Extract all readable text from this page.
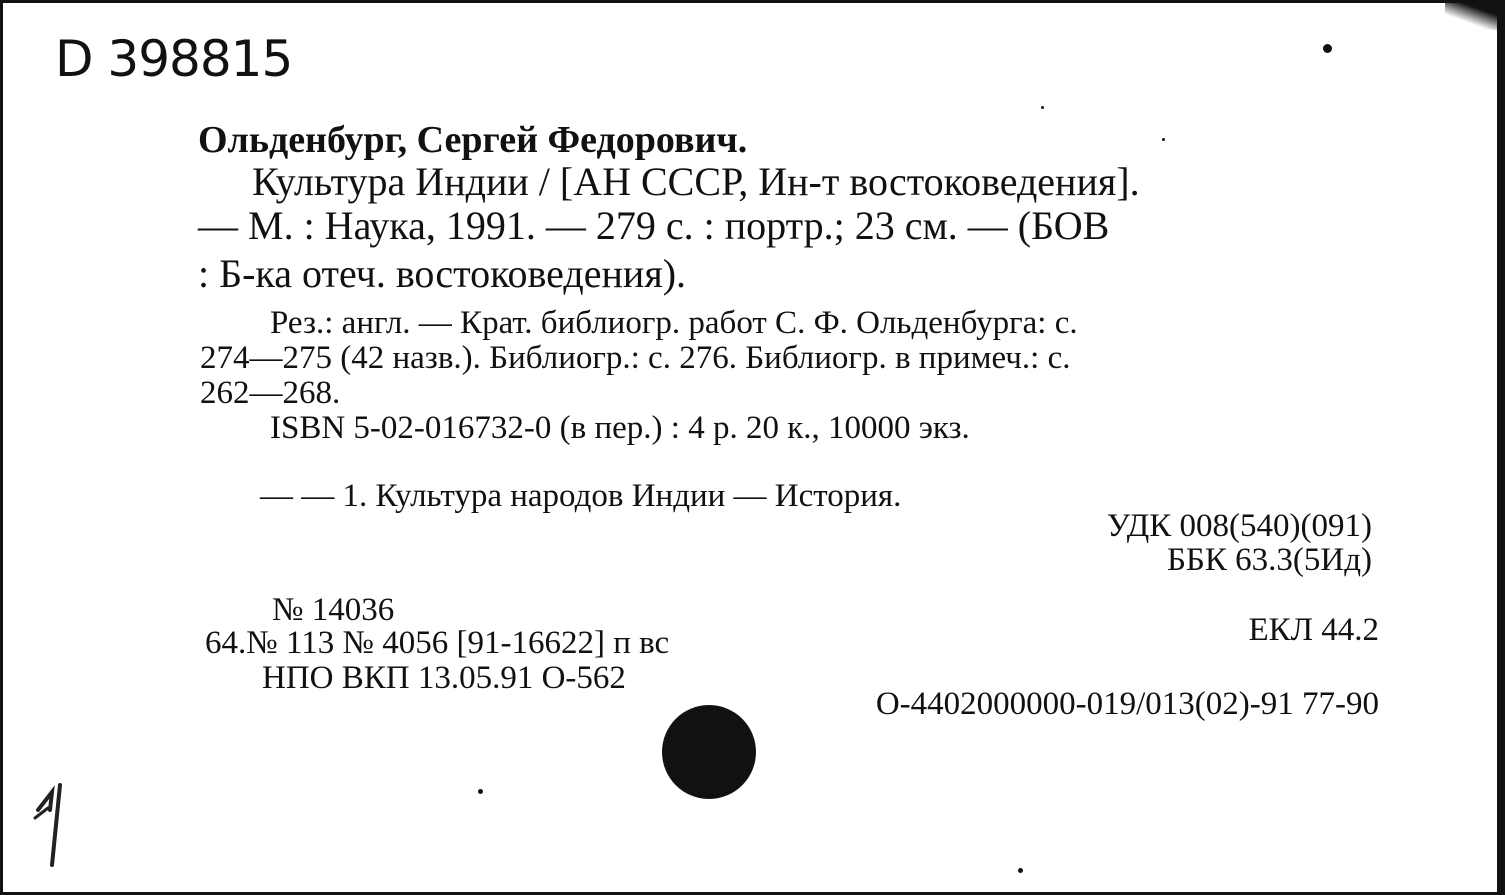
D 398815
Ольденбург, Сергей Федорович.
Культура Индии / [АН СССР, Ин-т востоковедения].
— М. : Наука, 1991. — 279 с. : портр.; 23 см. — (БОВ
: Б-ка отеч. востоковедения).
Рез.: англ. — Крат. библиогр. работ С. Ф. Ольденбурга: с.
274—275 (42 назв.). Библиогр.: с. 276. Библиогр. в примеч.: с.
262—268.
ISBN 5-02-016732-0 (в пер.) : 4 р. 20 к., 10000 экз.
— — 1. Культура народов Индии — История.
УДК 008(540)(091)
ББК 63.3(5Ид)
№ 14036
64.№ 113 № 4056 [91-16622] п вс
НПО ВКП 13.05.91 О-562
ЕКЛ 44.2
О-4402000000-019/013(02)-91 77-90
